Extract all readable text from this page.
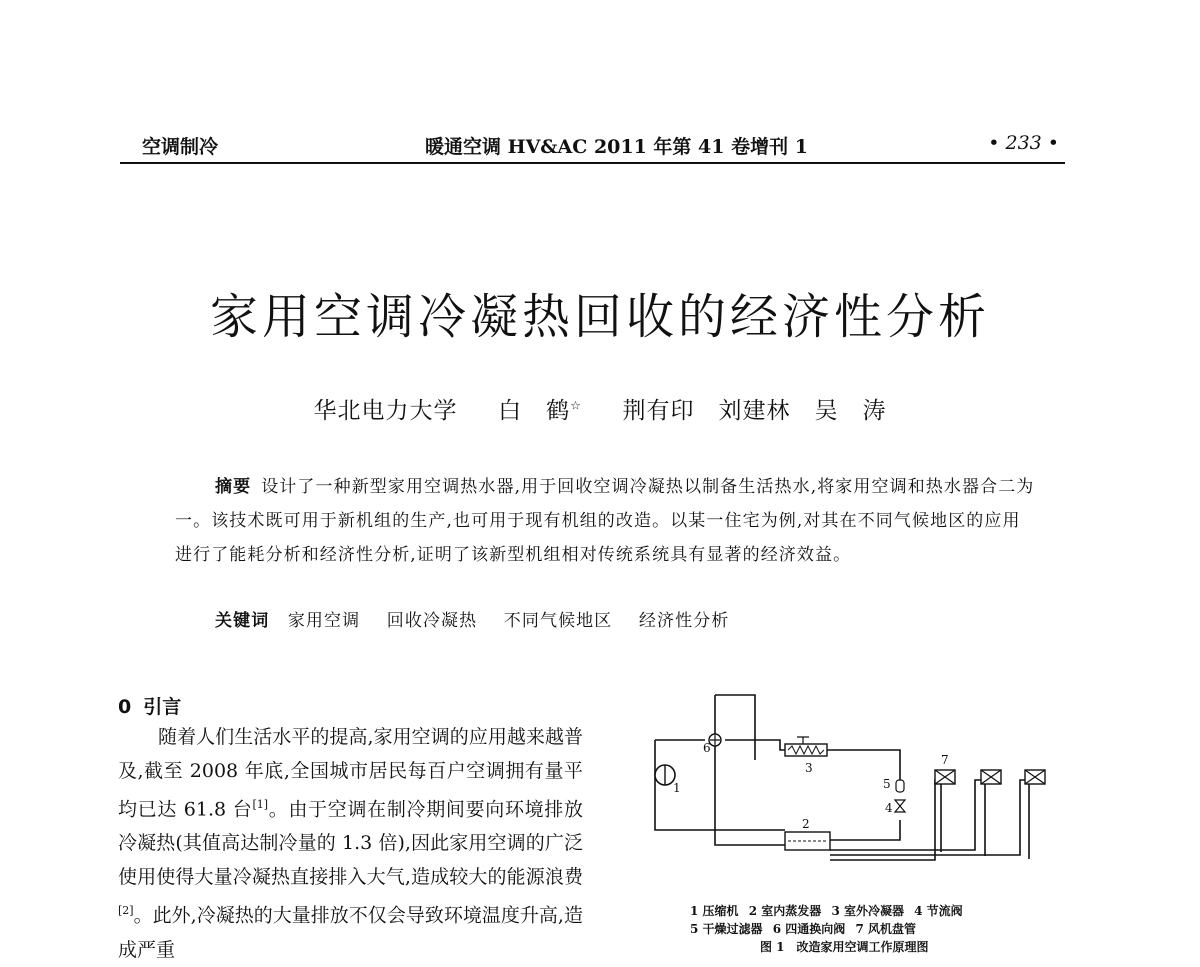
空调制冷	暖通空调 HV&AC 2011 年第 41 卷增刊 1	• 233 •
家用空调冷凝热回收的经济性分析
华北电力大学 　 白　鹤☆ 　 荆有印　刘建林　吴　涛
摘要 设计了一种新型家用空调热水器,用于回收空调冷凝热以制备生活热水,将家用空调和热水器合二为一。该技术既可用于新机组的生产,也可用于现有机组的改造。以某一住宅为例,对其在不同气候地区的应用进行了能耗分析和经济性分析,证明了该新型机组相对传统系统具有显著的经济效益。
关键词 家用空调 回收冷凝热 不同气候地区 经济性分析
0 引言
随着人们生活水平的提高,家用空调的应用越来越普及,截至 2008 年底,全国城市居民每百户空调拥有量平均已达 61.8 台[1]。由于空调在制冷期间要向环境排放冷凝热(其值高达制冷量的 1.3 倍),因此家用空调的广泛使用使得大量冷凝热直接排入大气,造成较大的能源浪费[2]。此外,冷凝热的大量排放不仅会导致环境温度升高,造成严重
1
2
3
4
5
6
7
1 压缩机 2 室内蒸发器 3 室外冷凝器 4 节流阀
5 干燥过滤器 6 四通换向阀 7 风机盘管
图 1　改造家用空调工作原理图
